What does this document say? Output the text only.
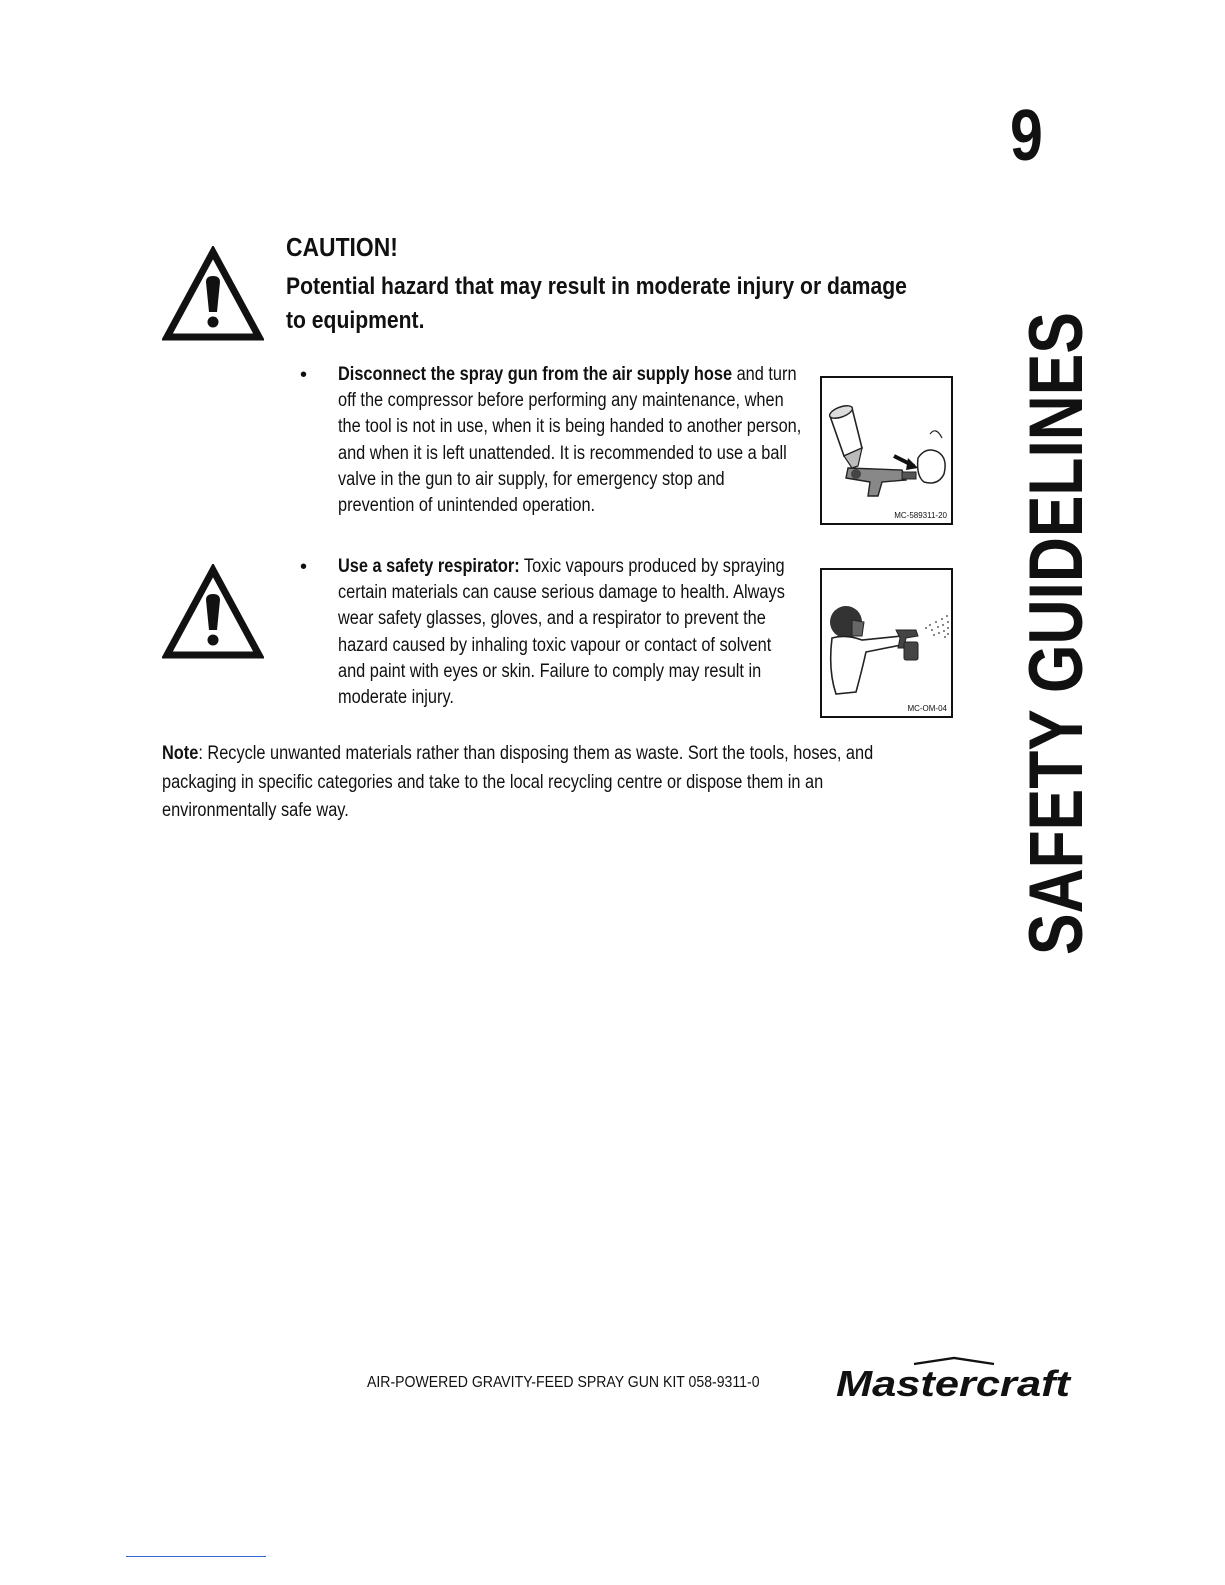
9
SAFETY GUIDELINES
CAUTION!
Potential hazard that may result in moderate injury or damage to equipment.
• Disconnect the spray gun from the air supply hose and turn off the compressor before performing any maintenance, when the tool is not in use, when it is being handed to another person, and when it is left unattended. It is recommended to use a ball valve in the gun to air supply, for emergency stop and prevention of unintended operation.	MC-589311-20
• Use a safety respirator: Toxic vapours produced by spraying certain materials can cause serious damage to health. Always wear safety glasses, gloves, and a respirator to prevent the hazard caused by inhaling toxic vapour or contact of solvent and paint with eyes or skin. Failure to comply may result in moderate injury.
MC-OM-04
Note: Recycle unwanted materials rather than disposing them as waste. Sort the tools, hoses, and packaging in specific categories and take to the local recycling centre or dispose them in an environmentally safe way.
AIR-POWERED GRAVITY-FEED SPRAY GUN KIT 058-9311-0 Mastercraft
